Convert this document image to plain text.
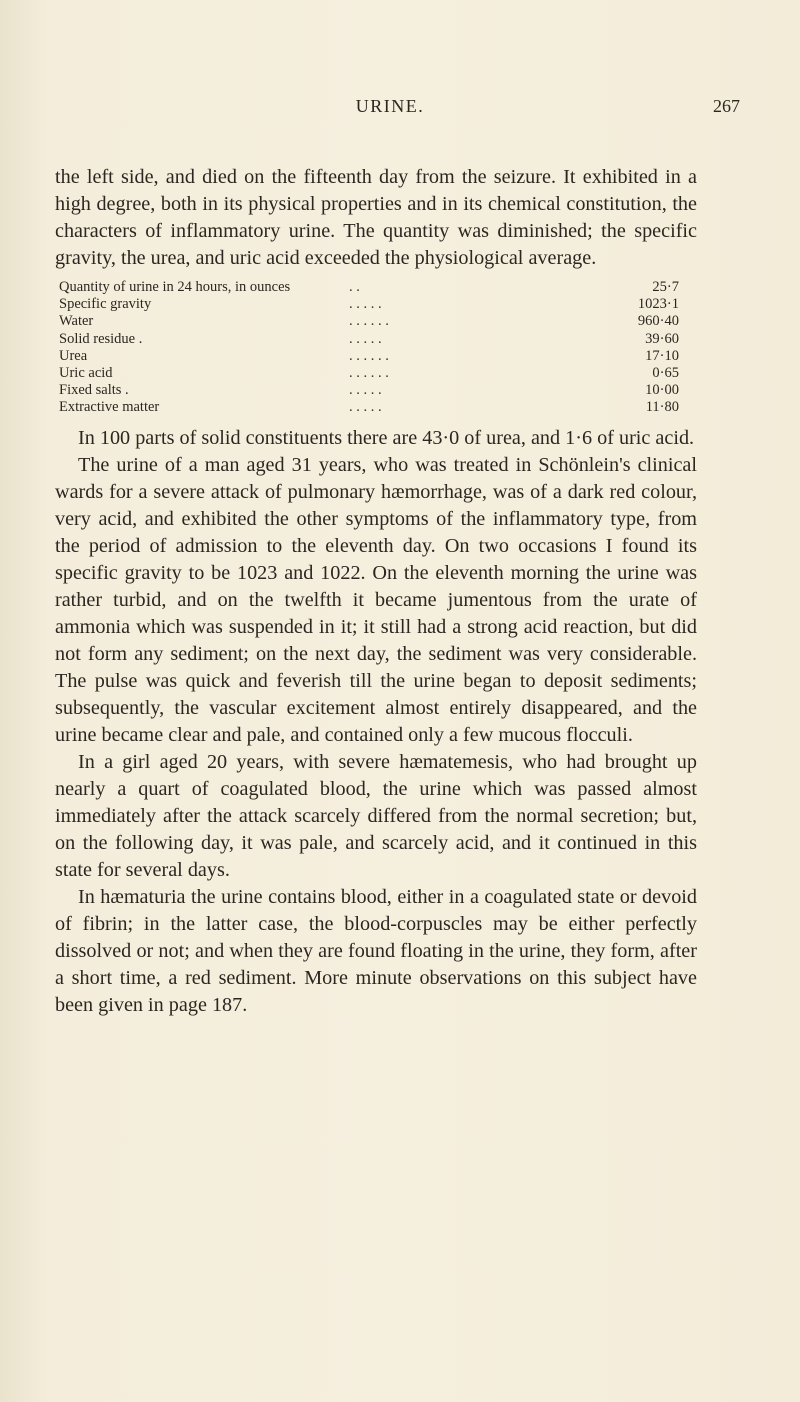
URINE.	267

the left side, and died on the fifteenth day from the seizure. It exhibited in a high degree, both in its physical properties and in its chemical constitution, the characters of inflammatory urine. The quantity was diminished; the specific gravity, the urea, and uric acid exceeded the physiological average.

Quantity of urine in 24 hours, in ounces	. .	25·7
Specific gravity	. . . . .	1023·1
Water	. . . . . .	960·40
Solid residue .	. . . . .	39·60
Urea	. . . . . .	17·10
Uric acid	. . . . . .	0·65
Fixed salts .	. . . . .	10·00
Extractive matter	. . . . .	11·80

In 100 parts of solid constituents there are 43·0 of urea, and 1·6 of uric acid.

The urine of a man aged 31 years, who was treated in Schönlein's clinical wards for a severe attack of pulmonary hæmorrhage, was of a dark red colour, very acid, and exhibited the other symptoms of the inflammatory type, from the period of admission to the eleventh day. On two occasions I found its specific gravity to be 1023 and 1022. On the eleventh morning the urine was rather turbid, and on the twelfth it became jumentous from the urate of ammonia which was suspended in it; it still had a strong acid reaction, but did not form any sediment; on the next day, the sediment was very considerable. The pulse was quick and feverish till the urine began to deposit sediments; subsequently, the vascular excitement almost entirely disappeared, and the urine became clear and pale, and contained only a few mucous flocculi.

In a girl aged 20 years, with severe hæmatemesis, who had brought up nearly a quart of coagulated blood, the urine which was passed almost immediately after the attack scarcely differed from the normal secretion; but, on the following day, it was pale, and scarcely acid, and it continued in this state for several days.

In hæmaturia the urine contains blood, either in a coagulated state or devoid of fibrin; in the latter case, the blood-corpuscles may be either perfectly dissolved or not; and when they are found floating in the urine, they form, after a short time, a red sediment. More minute observations on this subject have been given in page 187.
